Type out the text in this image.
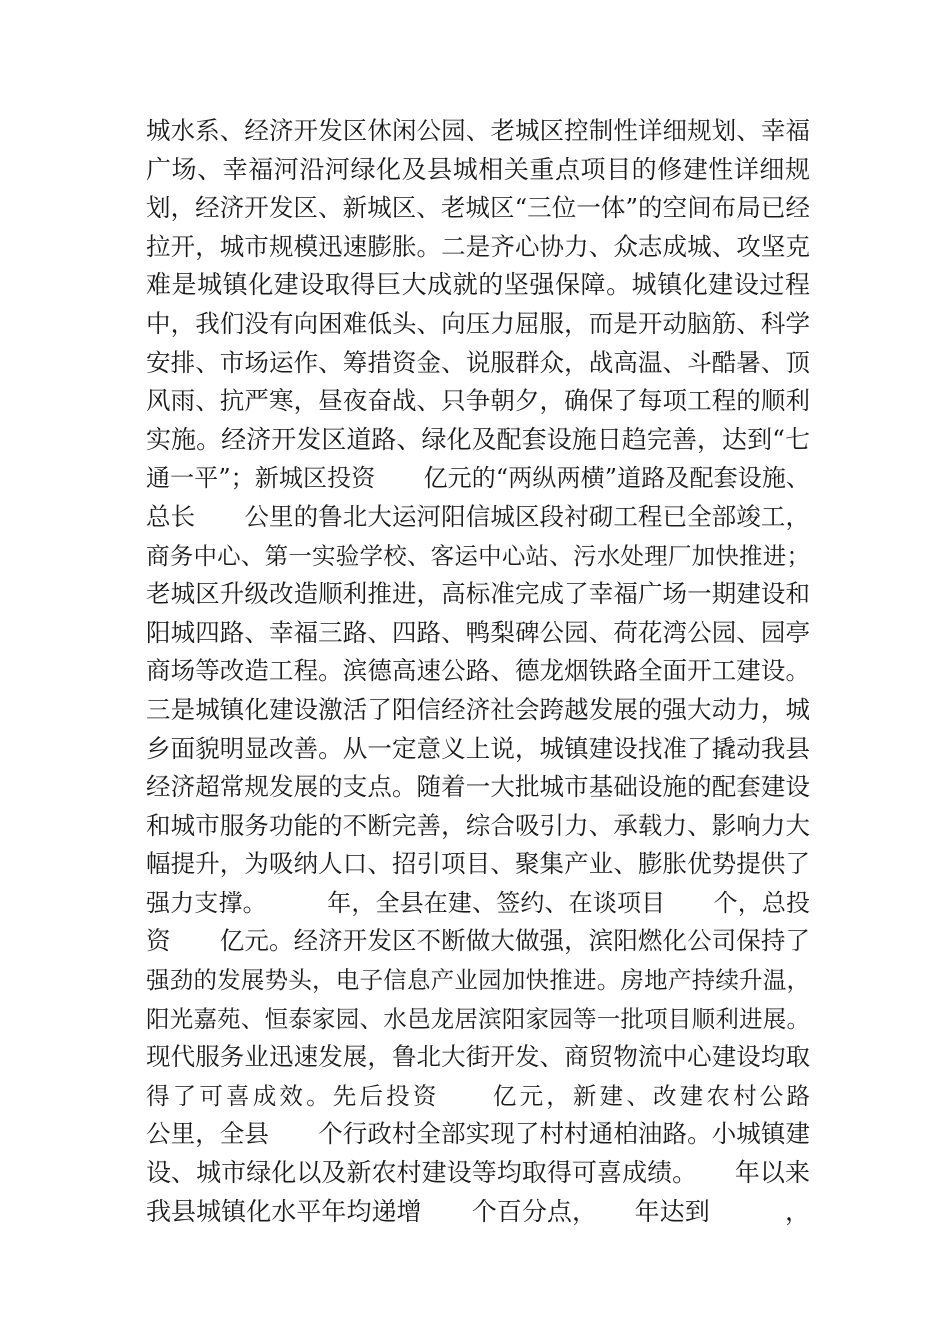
城水系、经济开发区休闲公园、老城区控制性详细规划、幸福
广场、幸福河沿河绿化及县城相关重点项目的修建性详细规
划，经济开发区、新城区、老城区“三位一体”的空间布局已经
拉开，城市规模迅速膨胀。二是齐心协力、众志成城、攻坚克
难是城镇化建设取得巨大成就的坚强保障。城镇化建设过程
中，我们没有向困难低头、向压力屈服，而是开动脑筋、科学
安排、市场运作、筹措资金、说服群众，战高温、斗酷暑、顶
风雨、抗严寒，昼夜奋战、只争朝夕，确保了每项工程的顺利
实施。经济开发区道路、绿化及配套设施日趋完善，达到“七
通一平”；新城区投资　　亿元的“两纵两横”道路及配套设施、
总长　　公里的鲁北大运河阳信城区段衬砌工程已全部竣工，
商务中心、第一实验学校、客运中心站、污水处理厂加快推进；
老城区升级改造顺利推进，高标准完成了幸福广场一期建设和
阳城四路、幸福三路、四路、鸭梨碑公园、荷花湾公园、园亭
商场等改造工程。滨德高速公路、德龙烟铁路全面开工建设。
三是城镇化建设激活了阳信经济社会跨越发展的强大动力，城
乡面貌明显改善。从一定意义上说，城镇建设找准了撬动我县
经济超常规发展的支点。随着一大批城市基础设施的配套建设
和城市服务功能的不断完善，综合吸引力、承载力、影响力大
幅提升，为吸纳人口、招引项目、聚集产业、膨胀优势提供了
强力支撑。　　　年，全县在建、签约、在谈项目　　个，总投
资　　亿元。经济开发区不断做大做强，滨阳燃化公司保持了
强劲的发展势头，电子信息产业园加快推进。房地产持续升温，
阳光嘉苑、恒泰家园、水邑龙居滨阳家园等一批项目顺利进展。
现代服务业迅速发展，鲁北大街开发、商贸物流中心建设均取
得了可喜成效。先后投资　　亿元，新建、改建农村公路　　　
公里，全县　　个行政村全部实现了村村通柏油路。小城镇建
设、城市绿化以及新农村建设等均取得可喜成绩。　　年以来
我县城镇化水平年均递增　　个百分点，　　年达到　　　，
